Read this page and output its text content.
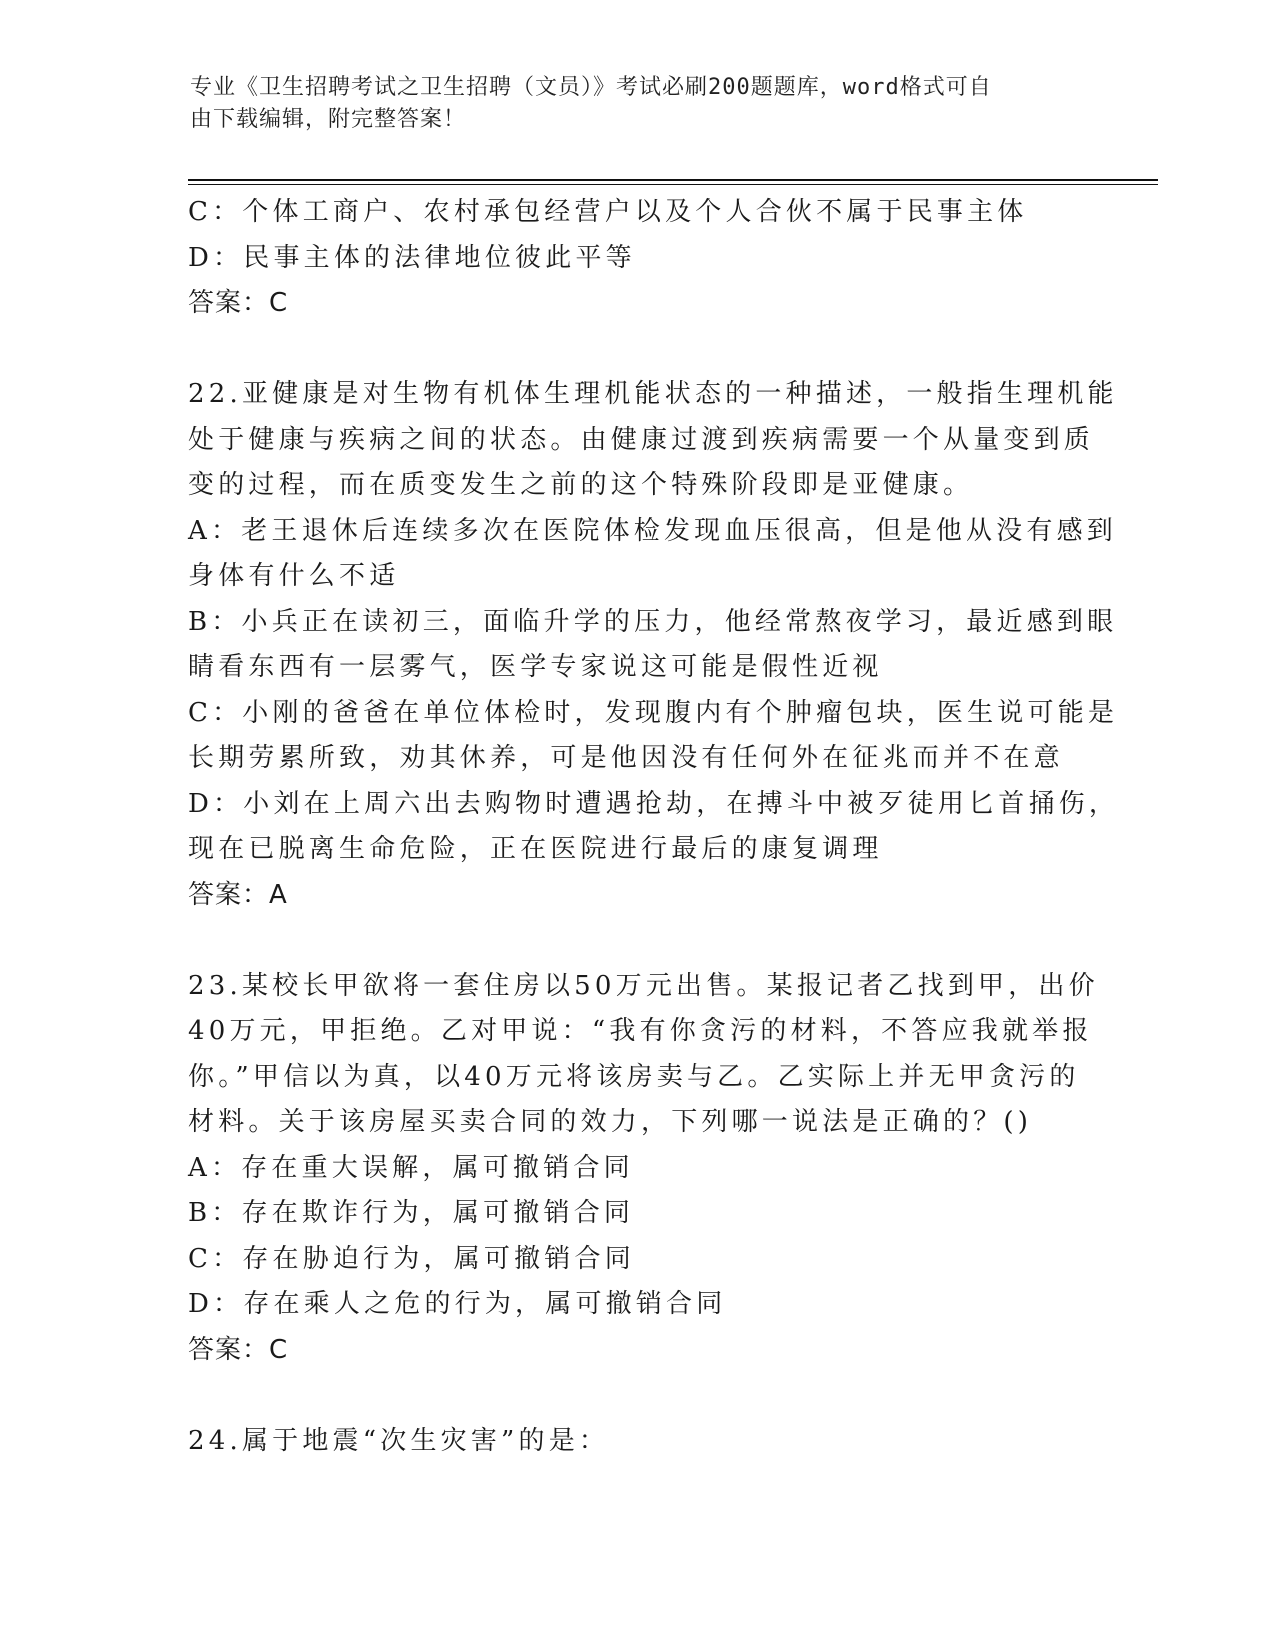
专业《卫生招聘考试之卫生招聘（文员）》考试必刷200题题库，word格式可自
由下载编辑，附完整答案！
C：个体工商户、农村承包经营户以及个人合伙不属于民事主体
D：民事主体的法律地位彼此平等
答案：C
22.亚健康是对生物有机体生理机能状态的一种描述，一般指生理机能
处于健康与疾病之间的状态。由健康过渡到疾病需要一个从量变到质
变的过程，而在质变发生之前的这个特殊阶段即是亚健康。
A：老王退休后连续多次在医院体检发现血压很高，但是他从没有感到
身体有什么不适
B：小兵正在读初三，面临升学的压力，他经常熬夜学习，最近感到眼
睛看东西有一层雾气，医学专家说这可能是假性近视
C：小刚的爸爸在单位体检时，发现腹内有个肿瘤包块，医生说可能是
长期劳累所致，劝其休养，可是他因没有任何外在征兆而并不在意
D：小刘在上周六出去购物时遭遇抢劫，在搏斗中被歹徒用匕首捅伤，
现在已脱离生命危险，正在医院进行最后的康复调理
答案：A
23.某校长甲欲将一套住房以50万元出售。某报记者乙找到甲，出价
40万元，甲拒绝。乙对甲说：“我有你贪污的材料，不答应我就举报
你。”甲信以为真，以40万元将该房卖与乙。乙实际上并无甲贪污的
材料。关于该房屋买卖合同的效力，下列哪一说法是正确的？()
A：存在重大误解，属可撤销合同
B：存在欺诈行为，属可撤销合同
C：存在胁迫行为，属可撤销合同
D：存在乘人之危的行为，属可撤销合同
答案：C
24.属于地震“次生灾害”的是：
